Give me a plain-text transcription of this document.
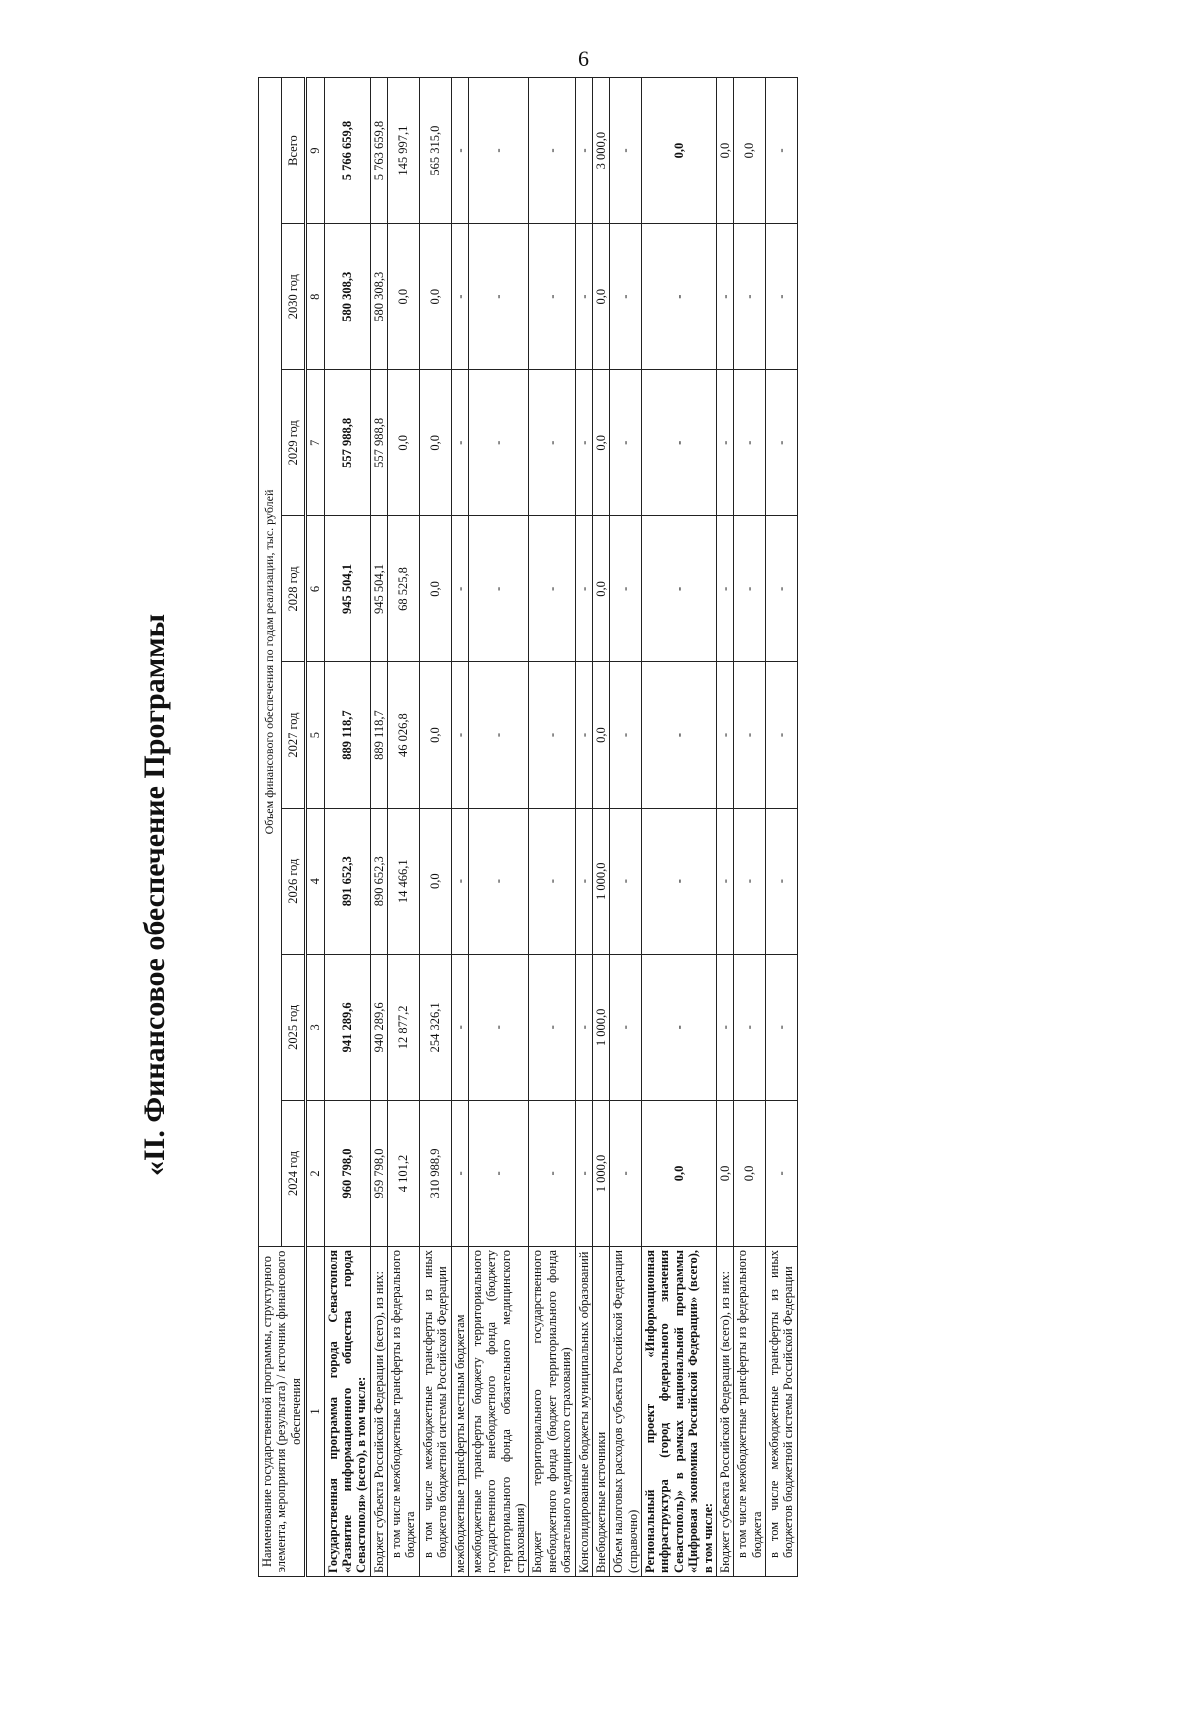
6
«II. Финансовое обеспечение Программы
Наименование государственной программы, структурного элемента, мероприятия (результата) / источник финансового обеспечения	Объем финансового обеспечения по годам реализации, тыс. рублей							
	2024 год	2025 год	2026 год	2027 год	2028 год	2029 год	2030 год	Всего
1	2	3	4	5	6	7	8	9
Государственная программа города Севастополя «Развитие информационного общества города Севастополя» (всего), в том числе:	960 798,0	941 289,6	891 652,3	889 118,7	945 504,1	557 988,8	580 308,3	5 766 659,8
Бюджет субъекта Российской Федерации (всего), из них:	959 798,0	940 289,6	890 652,3	889 118,7	945 504,1	557 988,8	580 308,3	5 763 659,8
в том числе межбюджетные трансферты из федерального бюджета	4 101,2	12 877,2	14 466,1	46 026,8	68 525,8	0,0	0,0	145 997,1
в том числе межбюджетные трансферты из иных бюджетов бюджетной системы Российской Федерации	310 988,9	254 326,1	0,0	0,0	0,0	0,0	0,0	565 315,0
межбюджетные трансферты местным бюджетам	-	-	-	-	-	-	-	-
межбюджетные трансферты бюджету территориального государственного внебюджетного фонда (бюджету территориального фонда обязательного медицинского страхования)	-	-	-	-	-	-	-	-
Бюджет территориального государственного внебюджетного фонда (бюджет территориального фонда обязательного медицинского страхования)	-	-	-	-	-	-	-	-
Консолидированные бюджеты муниципальных образований	-	-	-	-	-	-	-	-
Внебюджетные источники	1 000,0	1 000,0	1 000,0	0,0	0,0	0,0	0,0	3 000,0
Объем налоговых расходов субъекта Российской Федерации (справочно)	-	-	-	-	-	-	-	-
Региональный проект «Информационная инфраструктура (город федерального значения Севастополь)» в рамках национальной программы «Цифровая экономика Российской Федерации» (всего), в том числе:	0,0	-	-	-	-	-	-	0,0
Бюджет субъекта Российской Федерации (всего), из них:	0,0	-	-	-	-	-	-	0,0
в том числе межбюджетные трансферты из федерального бюджета	0,0	-	-	-	-	-	-	0,0
в том числе межбюджетные трансферты из иных бюджетов бюджетной системы Российской Федерации	-	-	-	-	-	-	-	-
